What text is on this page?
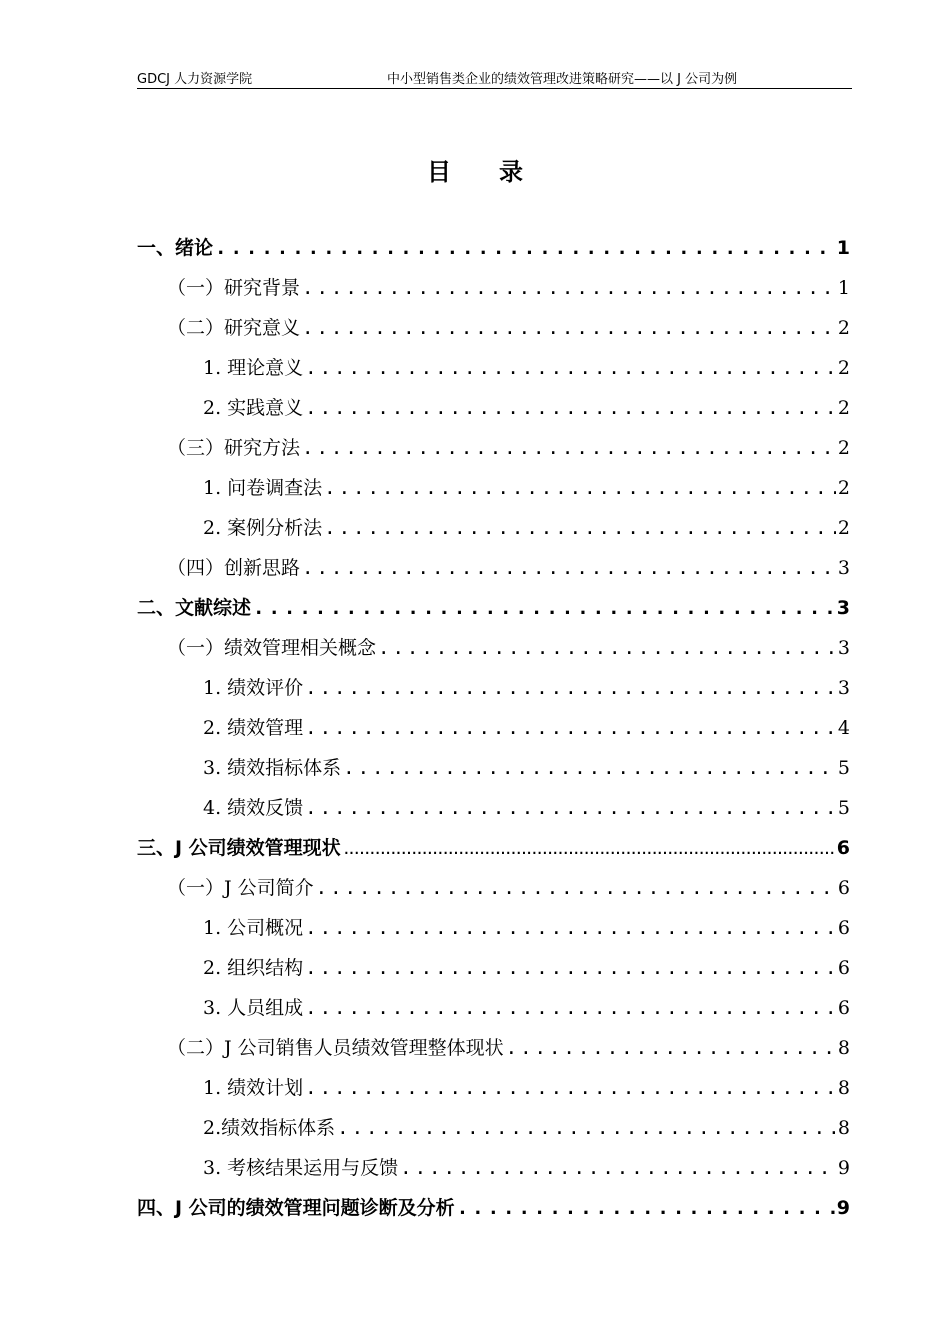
GDCJ 人力资源学院	中小型销售类企业的绩效管理改进策略研究——以 J 公司为例
目录
一、绪论 .....	1
（一）研究背景 .....	1
（二）研究意义 .....	2
1. 理论意义 .....	2
2. 实践意义 .....	2
（三）研究方法 .....	2
1. 问卷调查法 .....	2
2. 案例分析法 .....	2
（四）创新思路 .....	3
二、文献综述 .....	3
（一）绩效管理相关概念 .....	3
1. 绩效评价 .....	3
2. 绩效管理 .....	4
3. 绩效指标体系 .....	5
4. 绩效反馈 .....	5
三、J 公司绩效管理现状 .....	6
（一）J 公司简介 .....	6
1. 公司概况 .....	6
2. 组织结构 .....	6
3. 人员组成 .....	6
（二）J 公司销售人员绩效管理整体现状 .....	8
1. 绩效计划 .....	8
2.绩效指标体系 .....	8
3. 考核结果运用与反馈 .....	9
四、J 公司的绩效管理问题诊断及分析 .....	9
